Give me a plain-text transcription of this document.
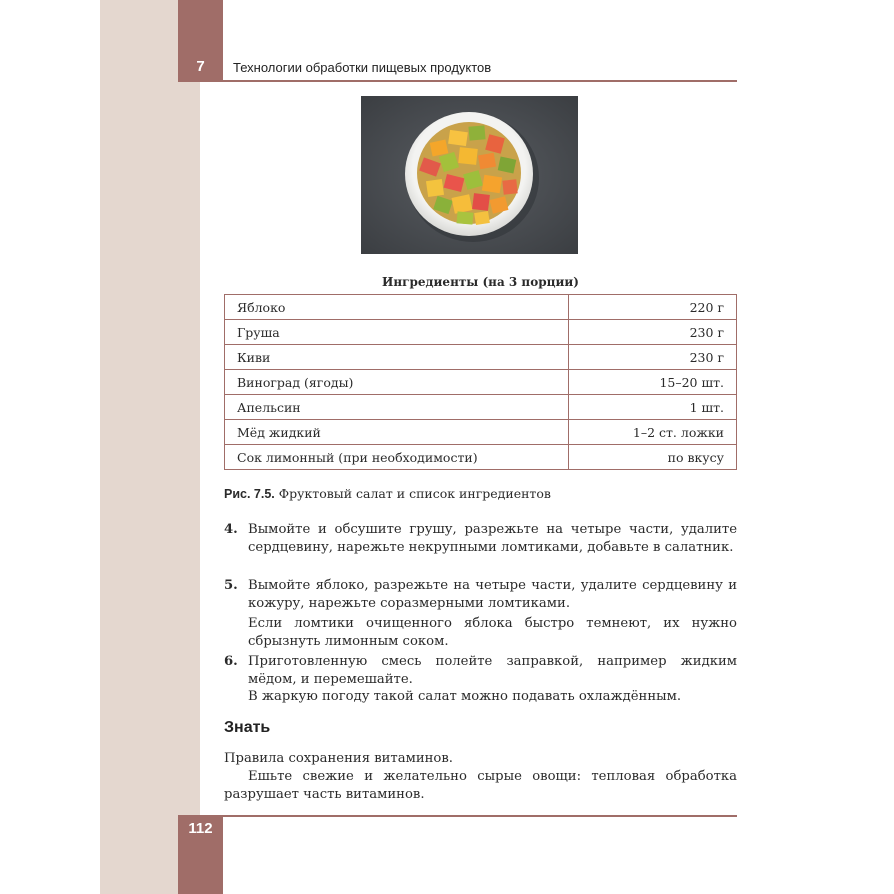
7	Технологии обработки пищевых продуктов
Ингредиенты (на 3 порции)
Яблоко	220 г
Груша	230 г
Киви	230 г
Виноград (ягоды)	15–20 шт.
Апельсин	1 шт.
Мёд жидкий	1–2 ст. ложки
Сок лимонный (при необходимости)	по вкусу
Рис. 7.5. Фруктовый салат и список ингредиентов
4. Вымойте и обсушите грушу, разрежьте на четыре части, удалите сердцевину, нарежьте некрупными ломтиками, добавьте в салатник.
5. Вымойте яблоко, разрежьте на четыре части, удалите сердцевину и кожуру, нарежьте соразмерными ломтиками.
Если ломтики очищенного яблока быстро темнеют, их нужно сбрызнуть лимонным соком.
6. Приготовленную смесь полейте заправкой, например жидким мёдом, и перемешайте.
В жаркую погоду такой салат можно подавать охлаждённым.
Знать
Правила сохранения витаминов.
Ешьте свежие и желательно сырые овощи: тепловая обработка разрушает часть витаминов.
112
